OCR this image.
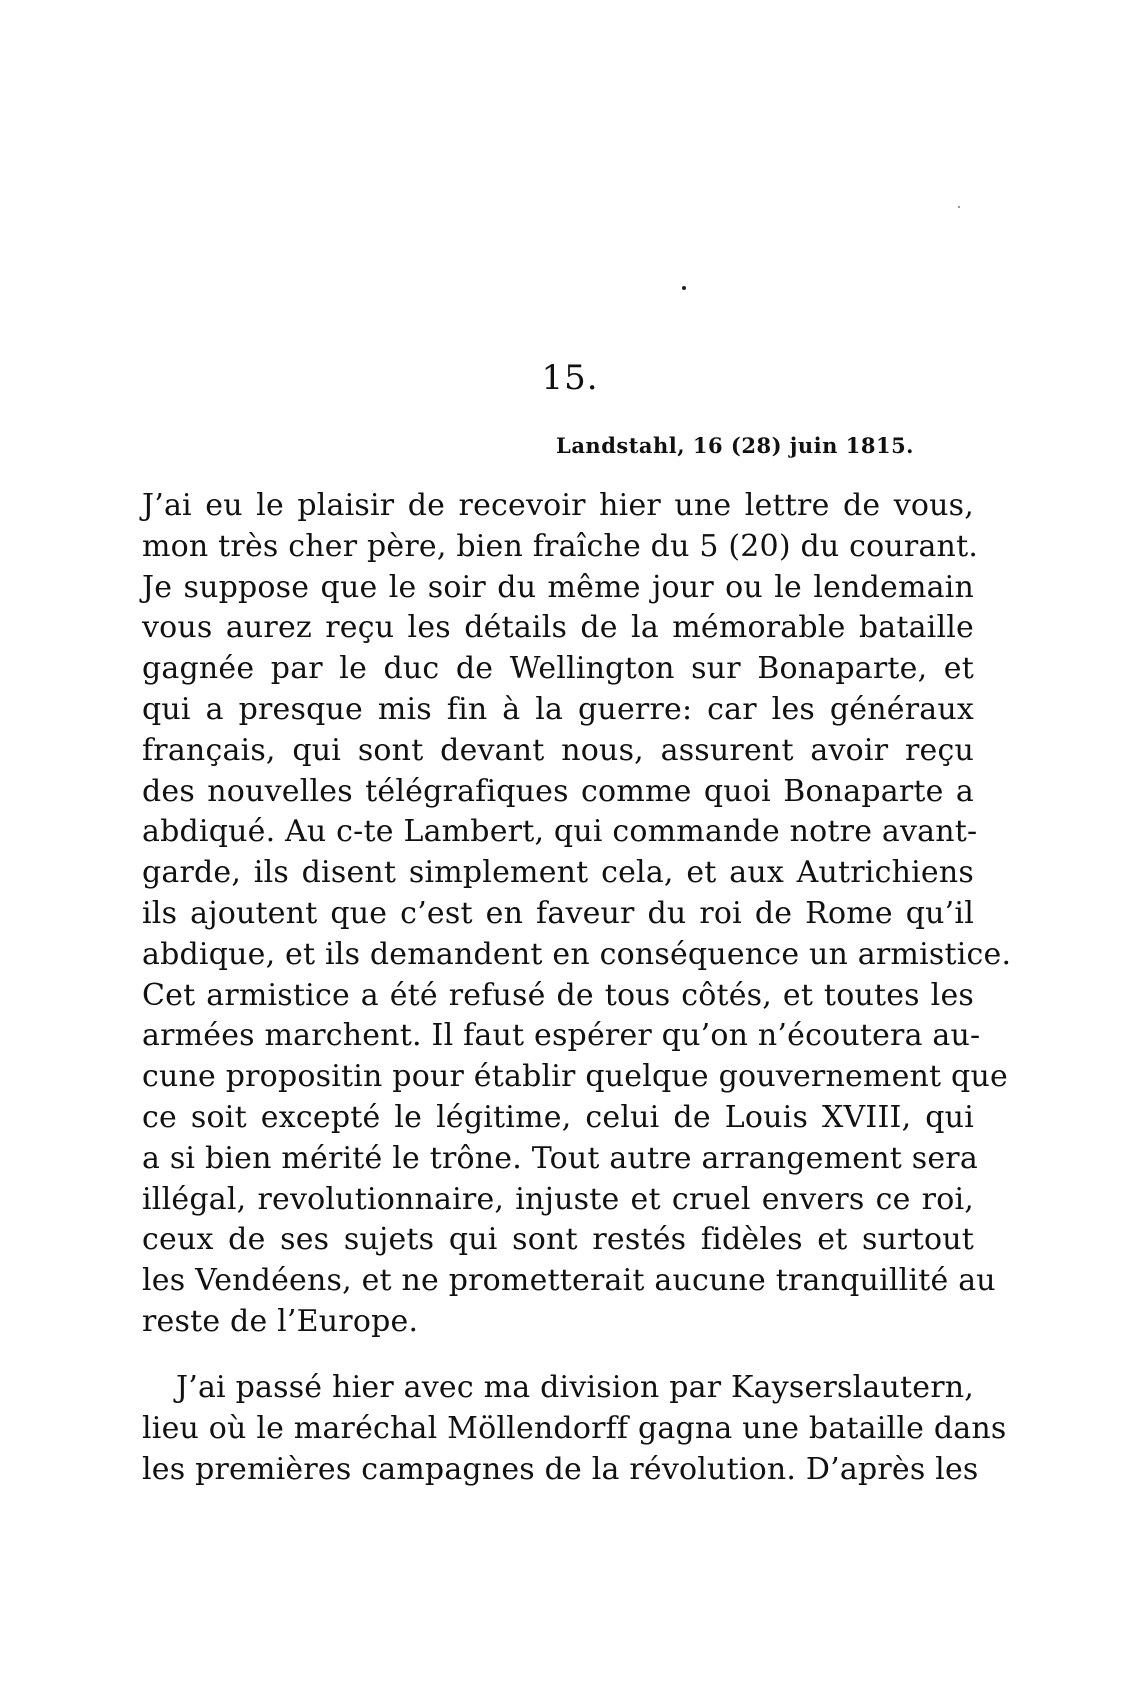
15.
Landstahl, 16 (28) juin 1815.
J’ai eu le plaisir de recevoir hier une lettre de vous,
mon très cher père, bien fraîche du 5 (20) du courant.
Je suppose que le soir du même jour ou le lendemain
vous aurez reçu les détails de la mémorable bataille
gagnée par le duc de Wellington sur Bonaparte, et
qui a presque mis fin à la guerre: car les généraux
français, qui sont devant nous, assurent avoir reçu
des nouvelles télégrafiques comme quoi Bonaparte a
abdiqué. Au c-te Lambert, qui commande notre avant-
garde, ils disent simplement cela, et aux Autrichiens
ils ajoutent que c’est en faveur du roi de Rome qu’il
abdique, et ils demandent en conséquence un armistice.
Cet armistice a été refusé de tous côtés, et toutes les
armées marchent. Il faut espérer qu’on n’écoutera au-
cune propositin pour établir quelque gouvernement que
ce soit excepté le légitime, celui de Louis XVIII, qui
a si bien mérité le trône. Tout autre arrangement sera
illégal, revolutionnaire, injuste et cruel envers ce roi,
ceux de ses sujets qui sont restés fidèles et surtout
les Vendéens, et ne prometterait aucune tranquillité au
reste de l’Europe.
J’ai passé hier avec ma division par Kayserslautern,
lieu où le maréchal Möllendorff gagna une bataille dans
les premières campagnes de la révolution. D’après les
